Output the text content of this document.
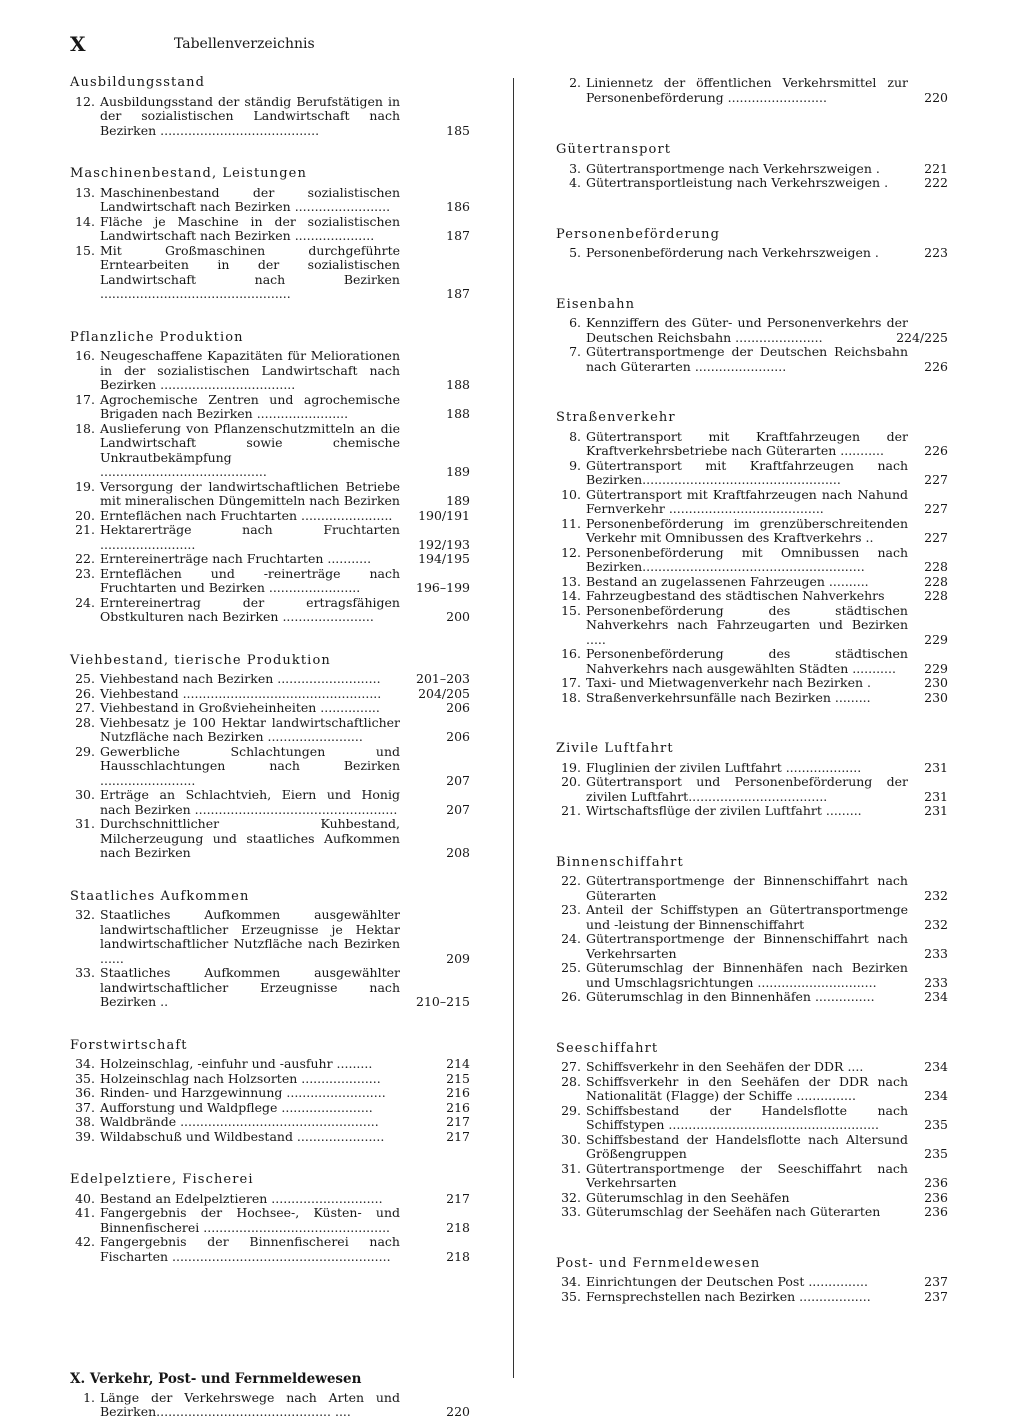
X	Tabellenverzeichnis
Ausbildungsstand
12. Ausbildungsstand der ständig Berufstätigen in der sozialistischen Landwirtschaft nach Bezirken ........................................	185
Maschinenbestand, Leistungen
13. Maschinenbestand der sozialistischen Landwirtschaft nach Bezirken ........................	186
14. Fläche je Maschine in der sozialistischen Landwirtschaft nach Bezirken ....................	187
15. Mit Großmaschinen durchgeführte Erntearbeiten in der sozialistischen Landwirtschaft nach Bezirken ................................................	187
Pflanzliche Produktion
16. Neugeschaffene Kapazitäten für Meliorationen in der sozialistischen Landwirtschaft nach Bezirken ..................................	188
17. Agrochemische Zentren und agrochemische Brigaden nach Bezirken .......................	188
18. Auslieferung von Pflanzenschutzmitteln an die Landwirtschaft sowie chemische Unkrautbekämpfung ..........................................	189
19. Versorgung der landwirtschaftlichen Betriebe mit mineralischen Düngemitteln nach Bezirken	189
20. Ernteflächen nach Fruchtarten ....................... 190/191
21. Hektarerträge nach Fruchtarten ........................	192/193
22. Erntereinerträge nach Fruchtarten ...........	194/195
23. Ernteflächen und -reinerträge nach Fruchtarten und Bezirken .......................	196–199
24. Erntereinertrag der ertragsfähigen Obstkulturen nach Bezirken .......................	200
Viehbestand, tierische Produktion
25. Viehbestand nach Bezirken ..........................	201–203
26. Viehbestand ..................................................	204/205
27. Viehbestand in Großvieheinheiten ...............	206
28. Viehbesatz je 100 Hektar landwirtschaftlicher Nutzfläche nach Bezirken ........................	206
29. Gewerbliche Schlachtungen und Hausschlachtungen nach Bezirken ........................	207
30. Erträge an Schlachtvieh, Eiern und Honig nach Bezirken ...................................................	207
31. Durchschnittlicher Kuhbestand, Milcherzeugung und staatliches Aufkommen nach Bezirken	208
Staatliches Aufkommen
32. Staatliches Aufkommen ausgewählter landwirtschaftlicher Erzeugnisse je Hektar landwirtschaftlicher Nutzfläche nach Bezirken ......	209
33. Staatliches Aufkommen ausgewählter landwirtschaftlicher Erzeugnisse nach Bezirken ..	210–215
Forstwirtschaft
34. Holzeinschlag, -einfuhr und -ausfuhr .........	214
35. Holzeinschlag nach Holzsorten ....................	215
36. Rinden- und Harzgewinnung .........................	216
37. Aufforstung und Waldpflege .......................	216
38. Waldbrände ..................................................	217
39. Wildabschuß und Wildbestand ......................	217
Edelpelztiere, Fischerei
40. Bestand an Edelpelztieren ............................	217
41. Fangergebnis der Hochsee-, Küsten- und Binnenfischerei ...............................................	218
42. Fangergebnis der Binnenfischerei nach Fischarten .......................................................	218
X. Verkehr, Post- und Fernmeldewesen
1. Länge der Verkehrswege nach Arten und Bezirken............................................ ....	220
2. Liniennetz der öffentlichen Verkehrsmittel zur Personenbeförderung .........................	220
Gütertransport
3. Gütertransportmenge nach Verkehrszweigen .	221
4. Gütertransportleistung nach Verkehrszweigen .	222
Personenbeförderung
5. Personenbeförderung nach Verkehrszweigen .	223
Eisenbahn
6. Kennziffern des Güter- und Personenverkehrs der Deutschen Reichsbahn ......................	224/225
7. Gütertransportmenge der Deutschen Reichsbahn nach Güterarten .......................	226
Straßenverkehr
8. Gütertransport mit Kraftfahrzeugen der Kraftverkehrsbetriebe nach Güterarten ...........	226
9. Gütertransport mit Kraftfahrzeugen nach Bezirken..................................................	227
10. Gütertransport mit Kraftfahrzeugen nach Nahund Fernverkehr .......................................	227
11. Personenbeförderung im grenzüberschreitenden Verkehr mit Omnibussen des Kraftverkehrs ..	227
12. Personenbeförderung mit Omnibussen nach Bezirken........................................................	228
13. Bestand an zugelassenen Fahrzeugen ..........	228
14. Fahrzeugbestand des städtischen Nahverkehrs	228
15. Personenbeförderung des städtischen Nahverkehrs nach Fahrzeugarten und Bezirken .....	229
16. Personenbeförderung des städtischen Nahverkehrs nach ausgewählten Städten ........... 229
17. Taxi- und Mietwagenverkehr nach Bezirken .	230
18. Straßenverkehrsunfälle nach Bezirken .........	230
Zivile Luftfahrt
19. Fluglinien der zivilen Luftfahrt ...................	231
20. Gütertransport und Personenbeförderung der zivilen Luftfahrt...................................	231
21. Wirtschaftsflüge der zivilen Luftfahrt .........	231
Binnenschiffahrt
22. Gütertransportmenge der Binnenschiffahrt nach Güterarten	232
23. Anteil der Schiffstypen an Gütertransportmenge und -leistung der Binnenschiffahrt	232
24. Gütertransportmenge der Binnenschiffahrt nach Verkehrsarten	233
25. Güterumschlag der Binnenhäfen nach Bezirken und Umschlagsrichtungen ..............................	233
26. Güterumschlag in den Binnenhäfen ...............	234
Seeschiffahrt
27. Schiffsverkehr in den Seehäfen der DDR ....	234
28. Schiffsverkehr in den Seehäfen der DDR nach Nationalität (Flagge) der Schiffe ...............	234
29. Schiffsbestand der Handelsflotte nach Schiffstypen .....................................................	235
30. Schiffsbestand der Handelsflotte nach Altersund Größengruppen	235
31. Gütertransportmenge der Seeschiffahrt nach Verkehrsarten	236
32. Güterumschlag in den Seehäfen	236
33. Güterumschlag der Seehäfen nach Güterarten	236
Post- und Fernmeldewesen
34. Einrichtungen der Deutschen Post ...............	237
35. Fernsprechstellen nach Bezirken ..................	237
